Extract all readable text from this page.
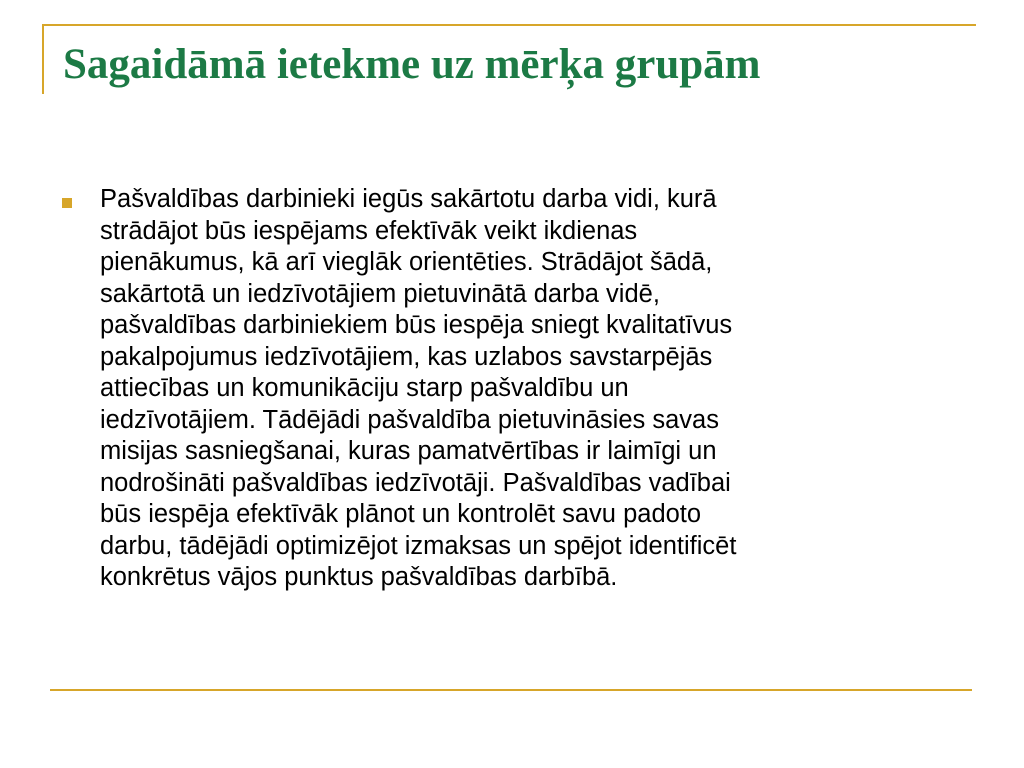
Sagaidāmā ietekme uz mērķa grupām

Pašvaldības darbinieki iegūs sakārtotu darba vidi, kurā
strādājot būs iespējams efektīvāk veikt ikdienas
pienākumus, kā arī vieglāk orientēties. Strādājot šādā,
sakārtotā un iedzīvotājiem pietuvinātā darba vidē,
pašvaldības darbiniekiem būs iespēja sniegt kvalitatīvus
pakalpojumus iedzīvotājiem, kas uzlabos savstarpējās
attiecības un komunikāciju starp pašvaldību un
iedzīvotājiem. Tādējādi pašvaldība pietuvināsies savas
misijas sasniegšanai, kuras pamatvērtības ir laimīgi un
nodrošināti pašvaldības iedzīvotāji. Pašvaldības vadībai
būs iespēja efektīvāk plānot un kontrolēt savu padoto
darbu, tādējādi optimizējot izmaksas un spējot identificēt
konkrētus vājos punktus pašvaldības darbībā.
